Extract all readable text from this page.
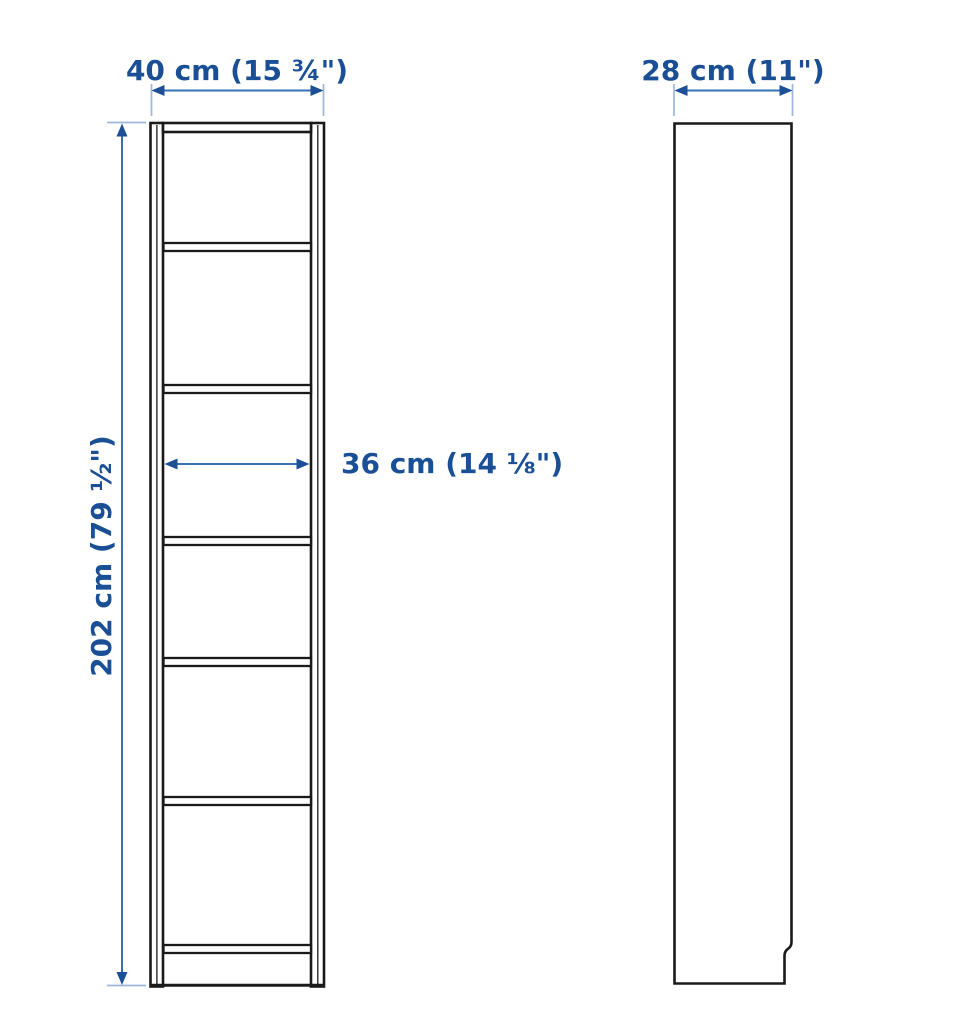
40 cm (15 ¾")	28 cm (11")
202 cm (79 ½")	36 cm (14 ⅛")
